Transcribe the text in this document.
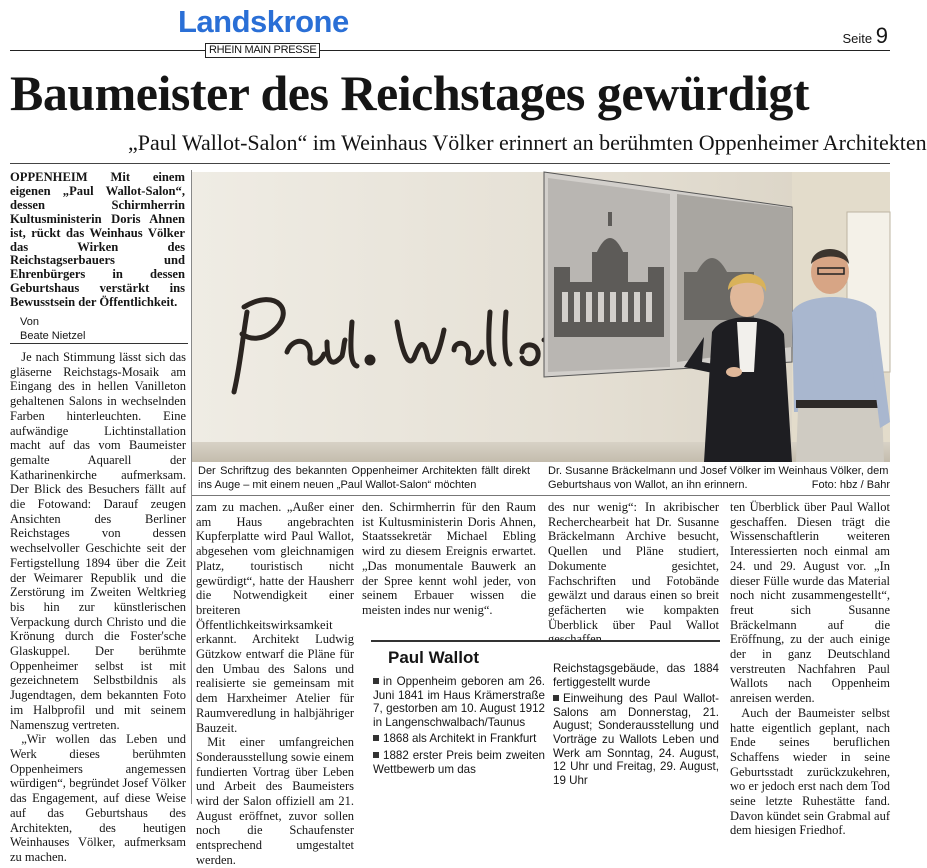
Landskrone
RHEIN MAIN PRESSE
Seite 9
Baumeister des Reichstages gewürdigt
„Paul Wallot-Salon“ im Weinhaus Völker erinnert an berühmten Oppenheimer Architekten
OPPENHEIM Mit einem eigenen „Paul Wallot-Salon“, dessen Schirmherrin Kultusministerin Doris Ahnen ist, rückt das Weinhaus Völker das Wirken des Reichstagserbauers und Ehrenbürgers in dessen Geburtshaus verstärkt ins Bewusstsein der Öffentlichkeit.
Von
Beate Nietzel

Je nach Stimmung lässt sich das gläserne Reichstags-Mosaik am Eingang des in hellen Vanilleton gehaltenen Salons in wechselnden Farben hinterleuchten. Eine aufwändige Lichtinstallation macht auf das vom Baumeister gemalte Aquarell der Katharinenkirche aufmerksam. Der Blick des Besuchers fällt auf die Fotowand: Darauf zeugen Ansichten des Berliner Reichstages von dessen wechselvoller Geschichte seit der Fertigstellung 1894 über die Zeit der Weimarer Republik und die Zerstörung im Zweiten Weltkrieg bis hin zur künstlerischen Verpackung durch Christo und die Krönung durch die Foster'sche Glaskuppel. Der berühmte Oppenheimer selbst ist mit gezeichnetem Selbstbildnis als Jugendtagen, dem bekannten Foto im Halbprofil und mit seinem Namenszug vertreten.

„Wir wollen das Leben und Werk dieses berühmten Oppenheimers angemessen würdigen“, begründet Josef Völker das Engagement, auf diese Weise auf das Geburtshaus des Architekten, des heutigen Weinhauses Völker, aufmerksam zu machen.

Der Schriftzug des bekannten Oppenheimer Architekten fällt direkt ins Auge – mit einem neuen „Paul Wallot-Salon“ möchten
Dr. Susanne Bräckelmann und Josef Völker im Weinhaus Völker, dem Geburtshaus von Wallot, an ihn erinnern.	Foto: hbz / Bahr

zam zu machen. „Außer einer am Haus angebrachten Kupferplatte wird Paul Wallot, abgesehen vom gleichnamigen Platz, touristisch nicht gewürdigt“, hatte der Hausherr die Notwendigkeit einer breiteren Öffentlichkeitswirksamkeit erkannt. Architekt Ludwig Gützkow entwarf die Pläne für den Umbau des Salons und realisierte sie gemeinsam mit dem Harxheimer Atelier für Raumveredlung in halbjähriger Bauzeit.

Mit einer umfangreichen Sonderausstellung sowie einem fundierten Vortrag über Leben und Arbeit des Baumeisters wird der Salon offiziell am 21. August eröffnet, zuvor sollen noch die Schaufenster entsprechend umgestaltet werden.

den. Schirmherrin für den Raum ist Kultusministerin Doris Ahnen, Staatssekretär Michael Ebling wird zu diesem Ereignis erwartet. „Das monumentale Bauwerk an der Spree kennt wohl jeder, von seinem Erbauer wissen die meisten indes nur wenig“.

des nur wenig“: In akribischer Recherchearbeit hat Dr. Susanne Bräckelmann Archive besucht, Quellen und Pläne studiert, Dokumente gesichtet, Fachschriften und Fotobände gewälzt und daraus einen so breit gefächerten wie kompakten Überblick über Paul Wallot

ten Überblick über Paul Wallot geschaffen. Diesen trägt die Wissenschaftlerin weiteren Interessierten noch einmal am 24. und 29. August vor. „In dieser Fülle wurde das Material noch nicht zusammengestellt“, freut sich Susanne Bräckelmann auf die Eröffnung, zu der auch einige der in ganz Deutschland verstreuten Nachfahren Paul Wallots nach Oppenheim anreisen werden.

Auch der Baumeister selbst hatte eigentlich geplant, nach Ende seines beruflichen Schaffens wieder in seine Geburtsstadt zurückzukehren, wo er jedoch erst nach dem Tod seine letzte Ruhestätte fand. Davon kündet sein Grabmal auf dem hiesigen Friedhof.

Paul Wallot

in Oppenheim geboren am 26. Juni 1841 im Haus Krämerstraße 7, gestorben am 10. August 1912 in Langenschwalbach/Taunus

1868 als Architekt in Frankfurt

1882 erster Preis beim zweiten Wettbewerb um das

Reichstagsgebäude, das 1884 fertiggestellt wurde

Einweihung des Paul Wallot-Salons am Donnerstag, 21. August; Sonderausstellung und Vorträge zu Wallots Leben und Werk am Sonntag, 24. August, 12 Uhr und Freitag, 29. August, 19 Uhr
